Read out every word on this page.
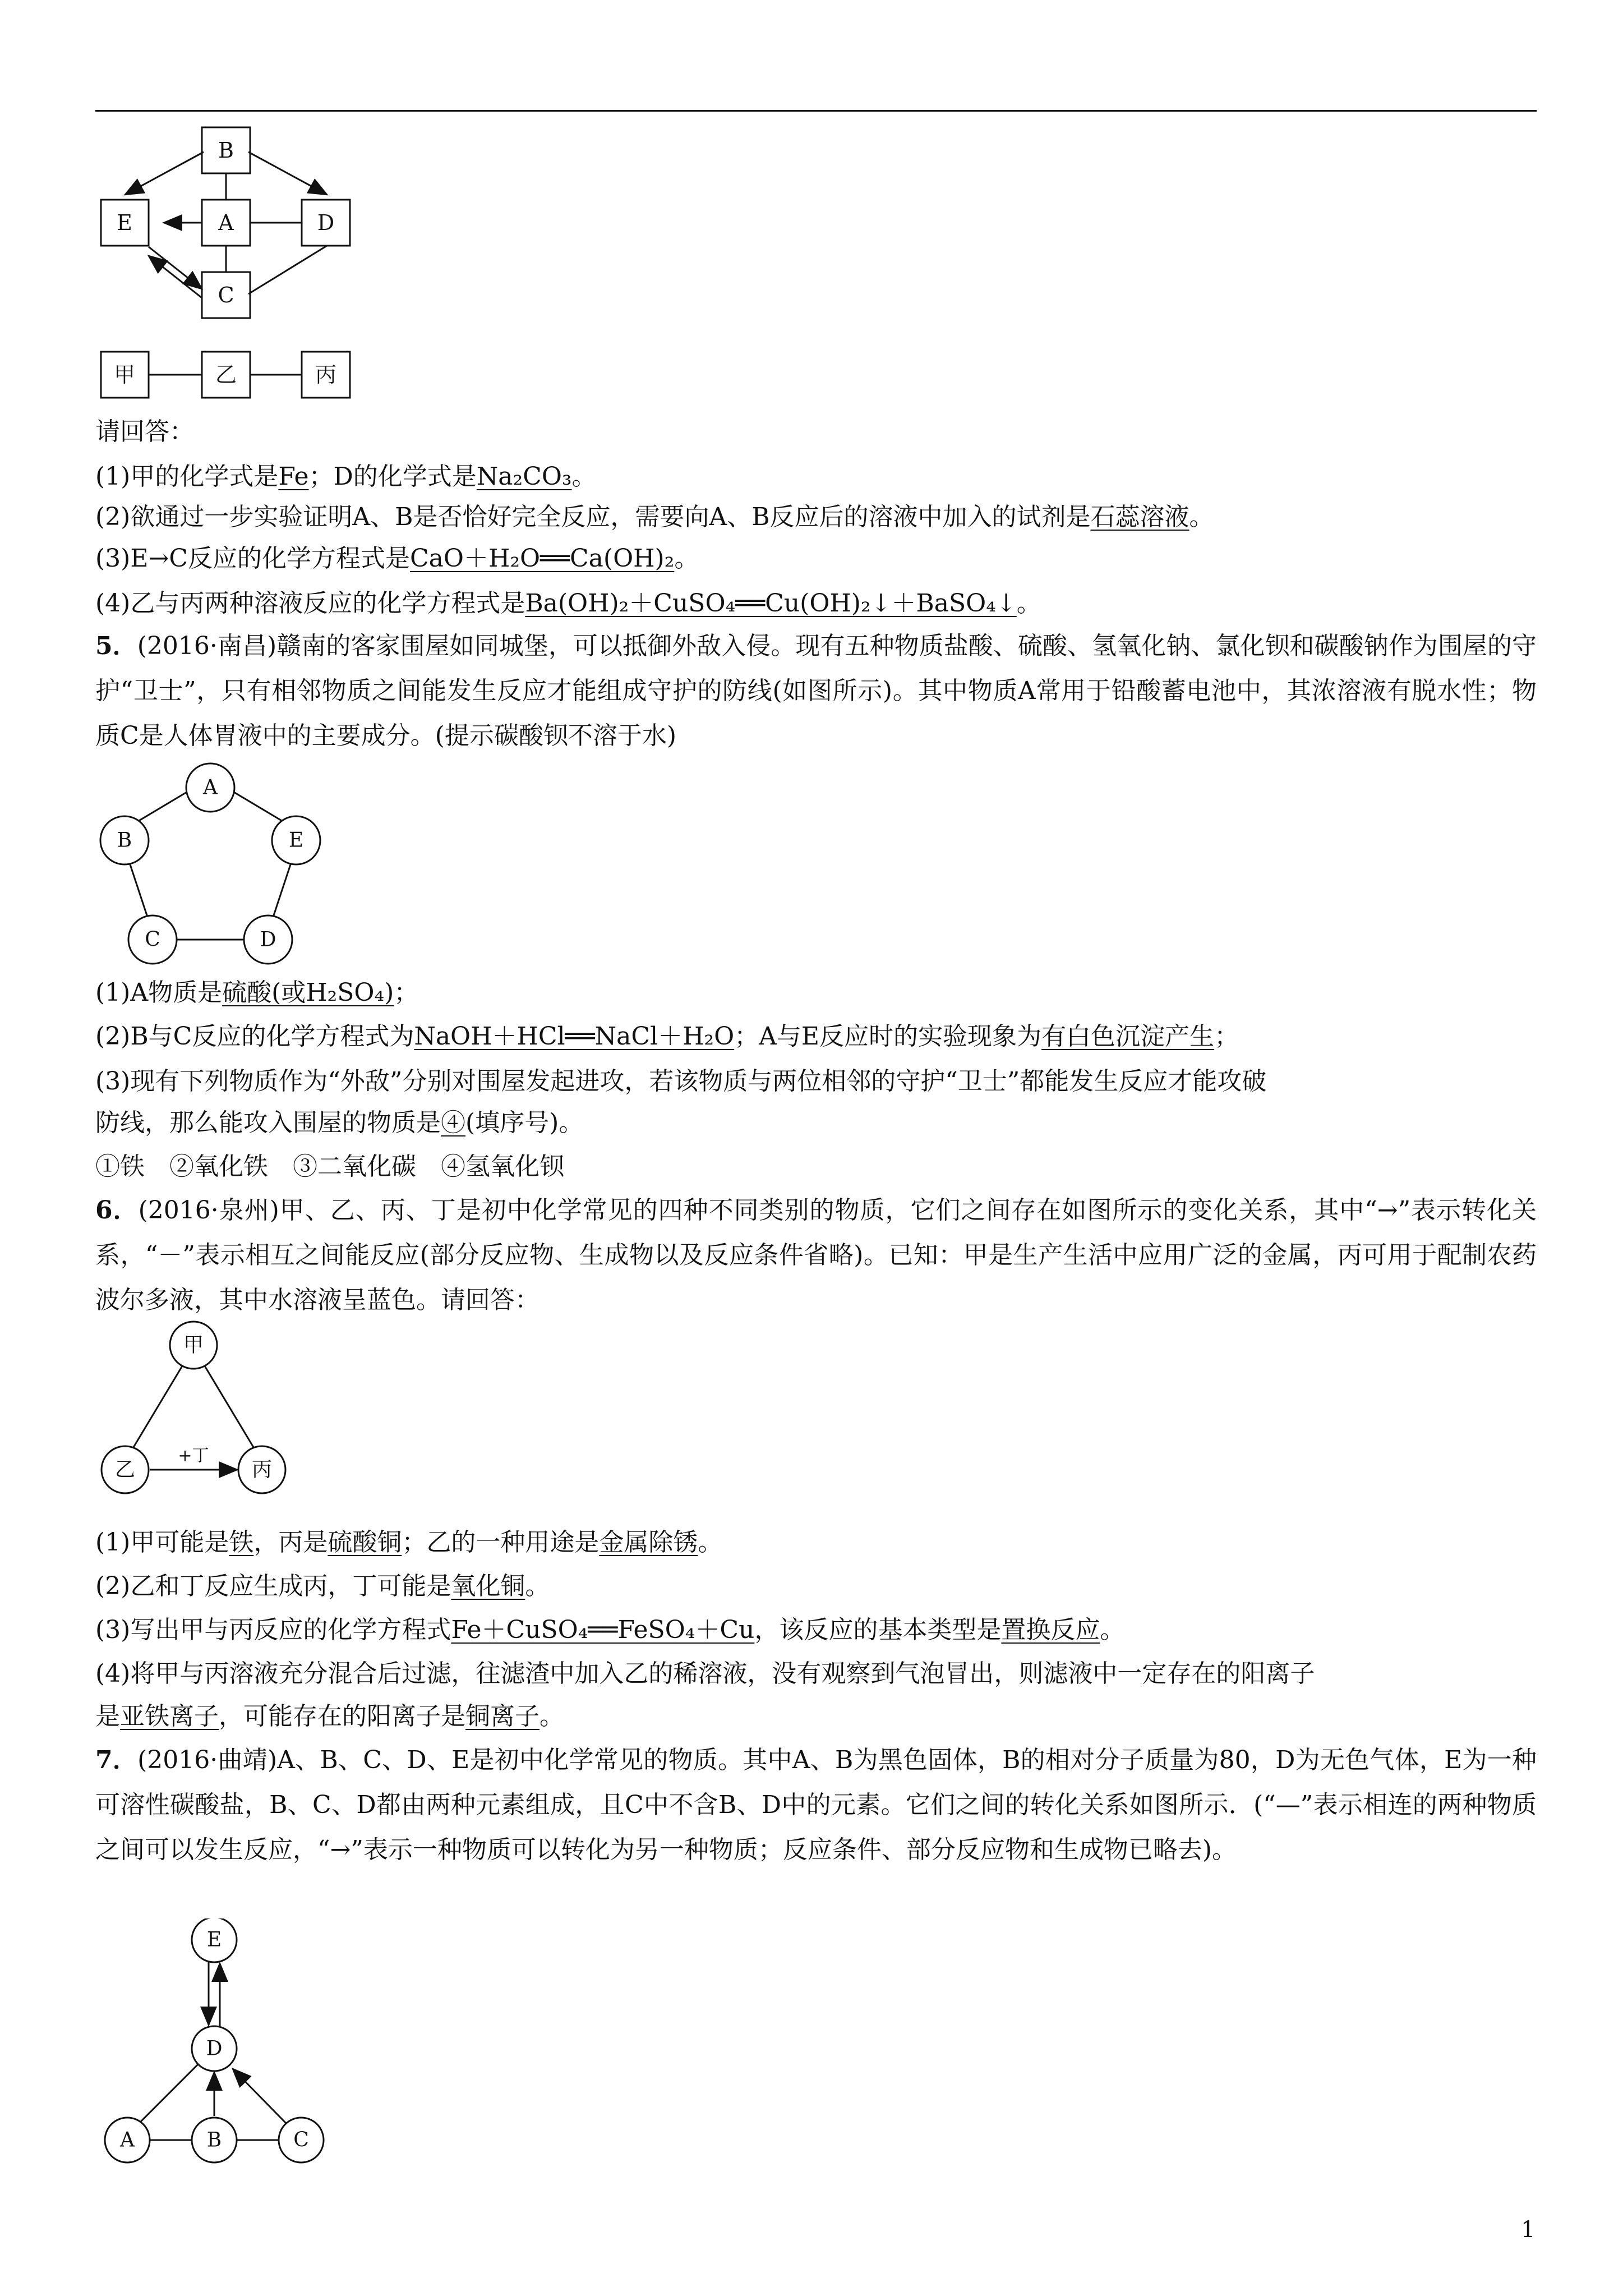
B
E	A	D
C
甲	乙	丙
请回答：
(1)甲的化学式是Fe；D的化学式是Na₂CO₃。
(2)欲通过一步实验证明A、B是否恰好完全反应，需要向A、B反应后的溶液中加入的试剂是石蕊溶液。
(3)E→C反应的化学方程式是CaO＋H₂O══Ca(OH)₂。
(4)乙与丙两种溶液反应的化学方程式是Ba(OH)₂＋CuSO₄══Cu(OH)₂↓＋BaSO₄↓。
5．(2016·南昌)赣南的客家围屋如同城堡，可以抵御外敌入侵。现有五种物质盐酸、硫酸、氢氧化钠、氯化钡和碳酸钠作为围屋的守护“卫士”，只有相邻物质之间能发生反应才能组成守护的防线(如图所示)。其中物质A常用于铅酸蓄电池中，其浓溶液有脱水性；物质C是人体胃液中的主要成分。(提示碳酸钡不溶于水)
A
B	E
C	D
(1)A物质是硫酸(或H₂SO₄)；
(2)B与C反应的化学方程式为NaOH＋HCl══NaCl＋H₂O；A与E反应时的实验现象为有白色沉淀产生；
(3)现有下列物质作为“外敌”分别对围屋发起进攻，若该物质与两位相邻的守护“卫士”都能发生反应才能攻破
防线，那么能攻入围屋的物质是④(填序号)。
①铁　②氧化铁　③二氧化碳　④氢氧化钡
6．(2016·泉州)甲、乙、丙、丁是初中化学常见的四种不同类别的物质，它们之间存在如图所示的变化关系，其中“→”表示转化关系，“－”表示相互之间能反应(部分反应物、生成物以及反应条件省略)。已知：甲是生产生活中应用广泛的金属，丙可用于配制农药波尔多液，其中水溶液呈蓝色。请回答：
甲
乙	丙
+丁
(1)甲可能是铁，丙是硫酸铜；乙的一种用途是金属除锈。
(2)乙和丁反应生成丙，丁可能是氧化铜。
(3)写出甲与丙反应的化学方程式Fe＋CuSO₄══FeSO₄＋Cu，该反应的基本类型是置换反应。
(4)将甲与丙溶液充分混合后过滤，往滤渣中加入乙的稀溶液，没有观察到气泡冒出，则滤液中一定存在的阳离子
是亚铁离子，可能存在的阳离子是铜离子。
7．(2016·曲靖)A、B、C、D、E是初中化学常见的物质。其中A、B为黑色固体，B的相对分子质量为80，D为无色气体，E为一种可溶性碳酸盐，B、C、D都由两种元素组成，且C中不含B、D中的元素。它们之间的转化关系如图所示．(“—”表示相连的两种物质之间可以发生反应，“→”表示一种物质可以转化为另一种物质；反应条件、部分反应物和生成物已略去)。
E
D
A	B	C
1
